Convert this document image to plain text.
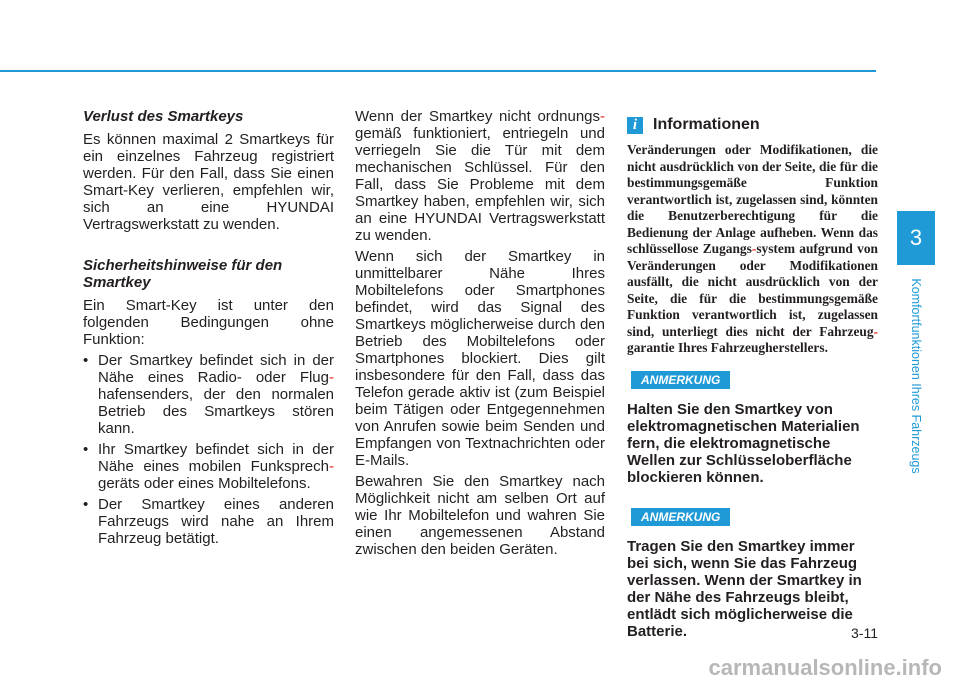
Verlust des Smartkeys

Es können maximal 2 Smartkeys für ein einzelnes Fahrzeug registriert werden. Für den Fall, dass Sie einen Smart-Key verlieren, empfehlen wir, sich an eine HYUNDAI Vertragswerkstatt zu wenden.

Sicherheitshinweise für den Smartkey

Ein Smart-Key ist unter den folgenden Bedingungen ohne Funktion:

• Der Smartkey befindet sich in der Nähe eines Radio- oder Flug-hafensenders, der den normalen Betrieb des Smartkeys stören kann.
• Ihr Smartkey befindet sich in der Nähe eines mobilen Funksprech-geräts oder eines Mobiltelefons.
• Der Smartkey eines anderen Fahrzeugs wird nahe an Ihrem Fahrzeug betätigt.

Wenn der Smartkey nicht ordnungs-gemäß funktioniert, entriegeln und verriegeln Sie die Tür mit dem mechanischen Schlüssel. Für den Fall, dass Sie Probleme mit dem Smartkey haben, empfehlen wir, sich an eine HYUNDAI Vertragswerkstatt zu wenden.

Wenn sich der Smartkey in unmittelbarer Nähe Ihres Mobiltelefons oder Smartphones befindet, wird das Signal des Smartkeys möglicherweise durch den Betrieb des Mobiltelefons oder Smartphones blockiert. Dies gilt insbesondere für den Fall, dass das Telefon gerade aktiv ist (zum Beispiel beim Tätigen oder Entgegennehmen von Anrufen sowie beim Senden und Empfangen von Textnachrichten oder E-Mails.

Bewahren Sie den Smartkey nach Möglichkeit nicht am selben Ort auf wie Ihr Mobiltelefon und wahren Sie einen angemessenen Abstand zwischen den beiden Geräten.

i Informationen

Veränderungen oder Modifikationen, die nicht ausdrücklich von der Seite, die für die bestimmungsgemäße Funktion verantwortlich ist, zugelassen sind, könnten die Benutzerberechtigung für die Bedienung der Anlage aufheben. Wenn das schlüssellose Zugangs-system aufgrund von Veränderungen oder Modifikationen ausfällt, die nicht ausdrücklich von der Seite, die für die bestimmungsgemäße Funktion verantwortlich ist, zugelassen sind, unterliegt dies nicht der Fahrzeug-garantie Ihres Fahrzeugherstellers.

ANMERKUNG

Halten Sie den Smartkey von elektromagnetischen Materialien fern, die elektromagnetische Wellen zur Schlüsseloberfläche blockieren können.

ANMERKUNG

Tragen Sie den Smartkey immer bei sich, wenn Sie das Fahrzeug verlassen. Wenn der Smartkey in der Nähe des Fahrzeugs bleibt, entlädt sich möglicherweise die Batterie.

3
Komfortfunktionen Ihres Fahrzeugs
3-11
carmanualsonline.info
